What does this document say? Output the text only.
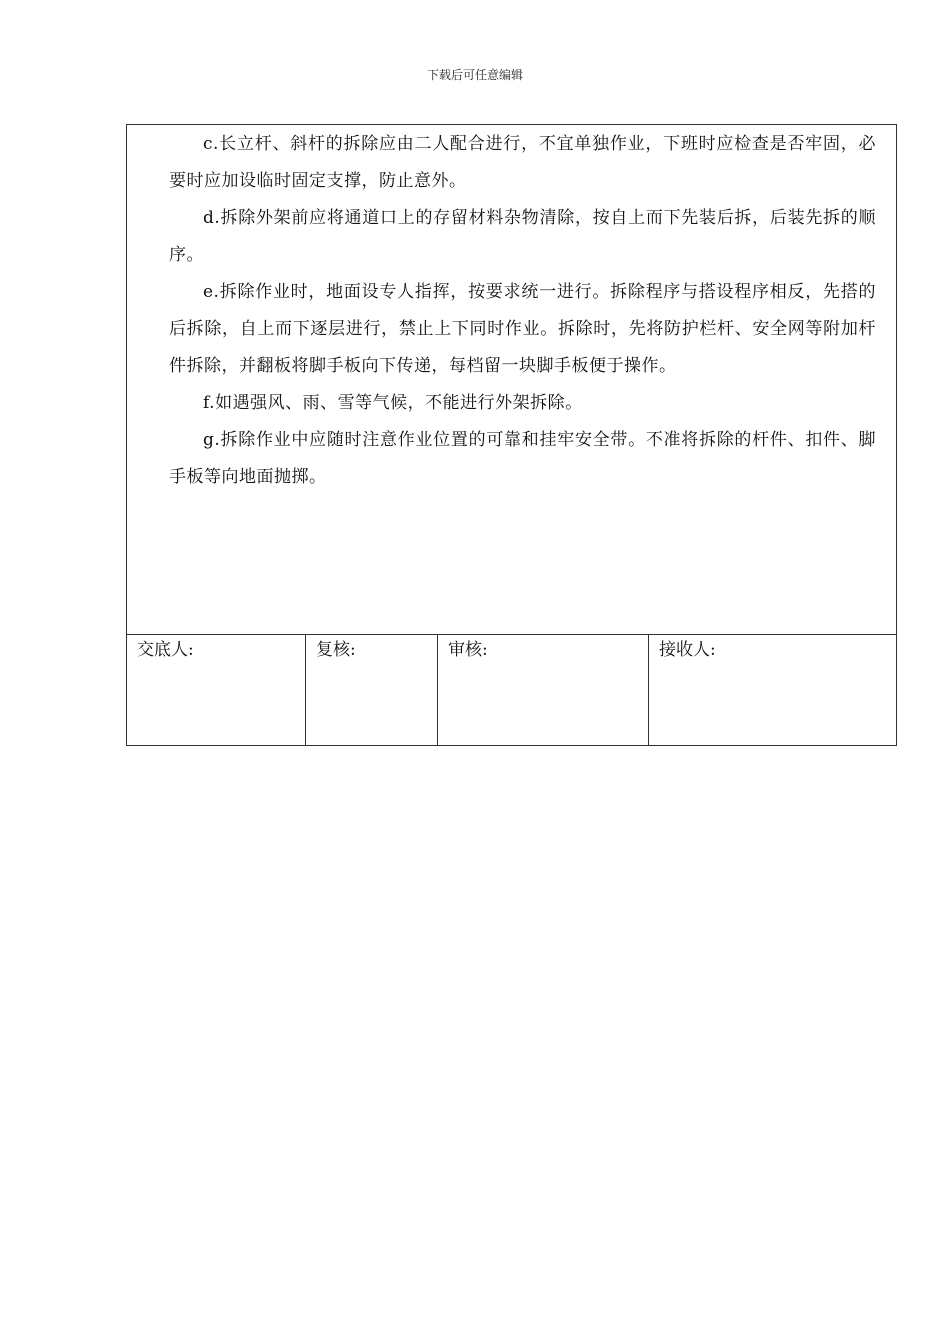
下载后可任意编辑

c.长立杆、斜杆的拆除应由二人配合进行，不宜单独作业，下班时应检查是否牢固，必要时应加设临时固定支撑，防止意外。

d.拆除外架前应将通道口上的存留材料杂物清除，按自上而下先装后拆，后装先拆的顺序。

e.拆除作业时，地面设专人指挥，按要求统一进行。拆除程序与搭设程序相反，先搭的后拆除，自上而下逐层进行，禁止上下同时作业。拆除时，先将防护栏杆、安全网等附加杆件拆除，并翻板将脚手板向下传递，每档留一块脚手板便于操作。

f.如遇强风、雨、雪等气候，不能进行外架拆除。

g.拆除作业中应随时注意作业位置的可靠和挂牢安全带。不准将拆除的杆件、扣件、脚手板等向地面抛掷。

交底人:	复核:	审核:	接收人:
